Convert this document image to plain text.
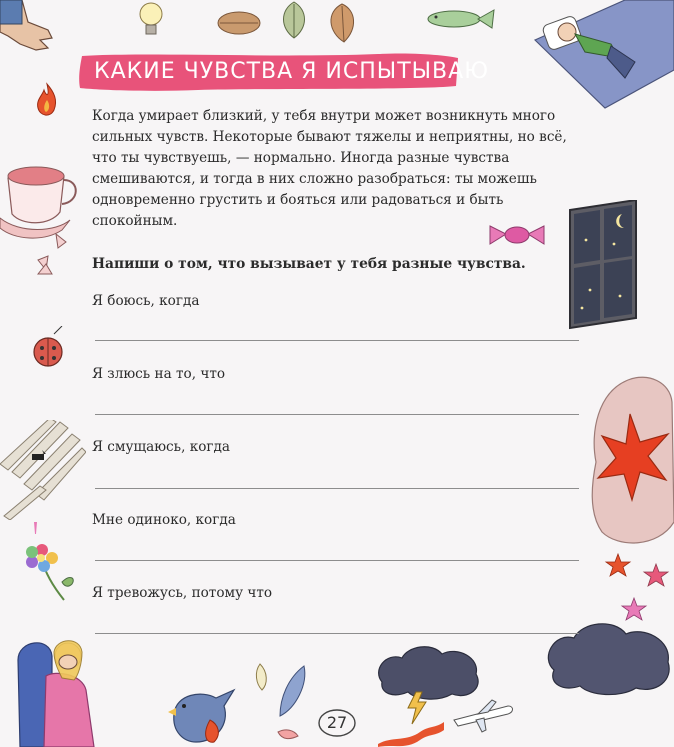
КАКИЕ ЧУВСТВА Я ИСПЫТЫВАЮ

Когда умирает близкий, у тебя внутри может возникнуть много сильных чувств. Некоторые бывают тяжелы и неприятны, но всё, что ты чувствуешь, — нормально. Иногда разные чувства смешиваются, и тогда в них сложно разобраться: ты можешь одновременно грустить и бояться или радоваться и быть спокойным.

Напиши о том, что вызывает у тебя разные чувства.
Я боюсь, когда
Я злюсь на то, что
Я смущаюсь, когда
Мне одиноко, когда
Я тревожусь, потому что
27
